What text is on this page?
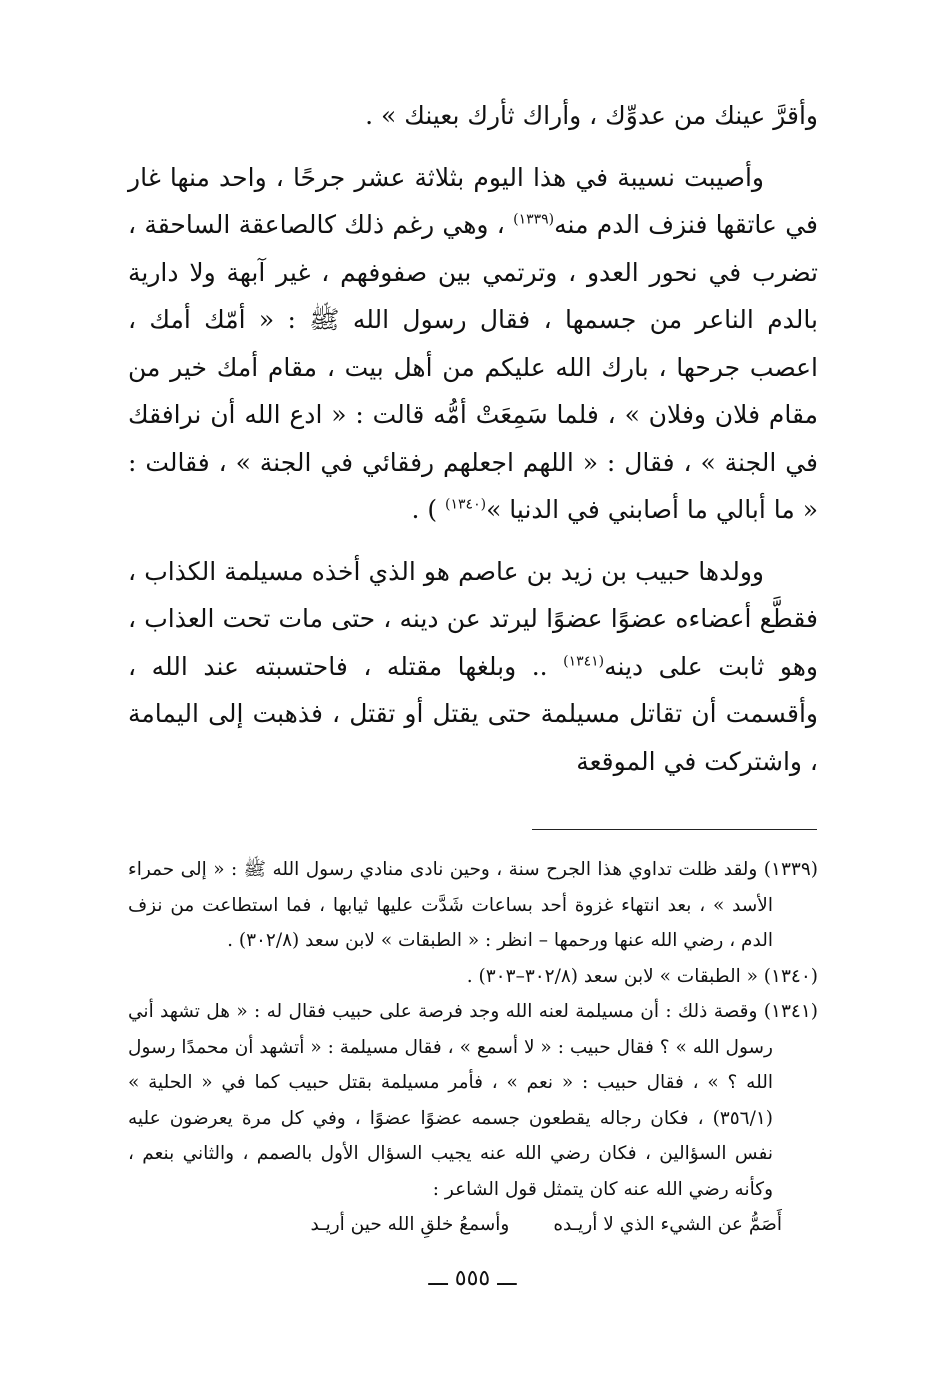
وأقرَّ عينك من عدوِّك ، وأراك ثأرك بعينك » .

وأصيبت نسيبة في هذا اليوم بثلاثة عشر جرحًا ، واحد منها غار في عاتقها فنزف الدم منه$^{(١٣٣٩)}$ ، وهي رغم ذلك كالصاعقة الساحقة ، تضرب في نحور العدو ، وترتمي بين صفوفهم ، غير آبهة ولا دارية بالدم الناعر من جسمها ، فقال رسول الله ﷺ : « أمّك أمك ، اعصب جرحها ، بارك الله عليكم من أهل بيت ، مقام أمك خير من مقام فلان وفلان » ، فلما سَمِعَتْ أمُّه قالت : « ادع الله أن نرافقك في الجنة » ، فقال : « اللهم اجعلهم رفقائي في الجنة » ، فقالت : « ما أبالي ما أصابني في الدنيا »$^{(١٣٤٠)}$ ) .

وولدها حبيب بن زيد بن عاصم هو الذي أخذه مسيلمة الكذاب ، فقطَّع أعضاءه عضوًا عضوًا ليرتد عن دينه ، حتى مات تحت العذاب ، وهو ثابت على دينه$^{(١٣٤١)}$ .. وبلغها مقتله ، فاحتسبته عند الله ، وأقسمت أن تقاتل مسيلمة حتى يقتل أو تقتل ، فذهبت إلى اليمامة ، واشتركت في الموقعة

(١٣٣٩) ولقد ظلت تداوي هذا الجرح سنة ، وحين نادى منادي رسول الله ﷺ : « إلى حمراء الأسد » ، بعد انتهاء غزوة أحد بساعات شَدَّت عليها ثيابها ، فما استطاعت من نزف الدم ، رضي الله عنها ورحمها – انظر : « الطبقات » لابن سعد (٣٠٢/٨) .

(١٣٤٠) « الطبقات » لابن سعد (٣٠٢/٨–٣٠٣) .

(١٣٤١) وقصة ذلك : أن مسيلمة لعنه الله وجد فرصة على حبيب فقال له : « هل تشهد أني رسول الله » ؟ فقال حبيب : « لا أسمع » ، فقال مسيلمة : « أتشهد أن محمدًا رسول الله ؟ » ، فقال حبيب : « نعم » ، فأمر مسيلمة بقتل حبيب كما في « الحلية » (٣٥٦/١) ، فكان رجاله يقطعون جسمه عضوًا عضوًا ، وفي كل مرة يعرضون عليه نفس السؤالين ، فكان رضي الله عنه يجيب السؤال الأول بالصمم ، والثاني بنعم ، وكأنه رضي الله عنه كان يتمثل قول الشاعر :

أَصَمُّ عن الشيء الذي لا أريـده
وأسمعُ خلقِ الله حين أريـد
ـــ ٥٥٥ ـــ
